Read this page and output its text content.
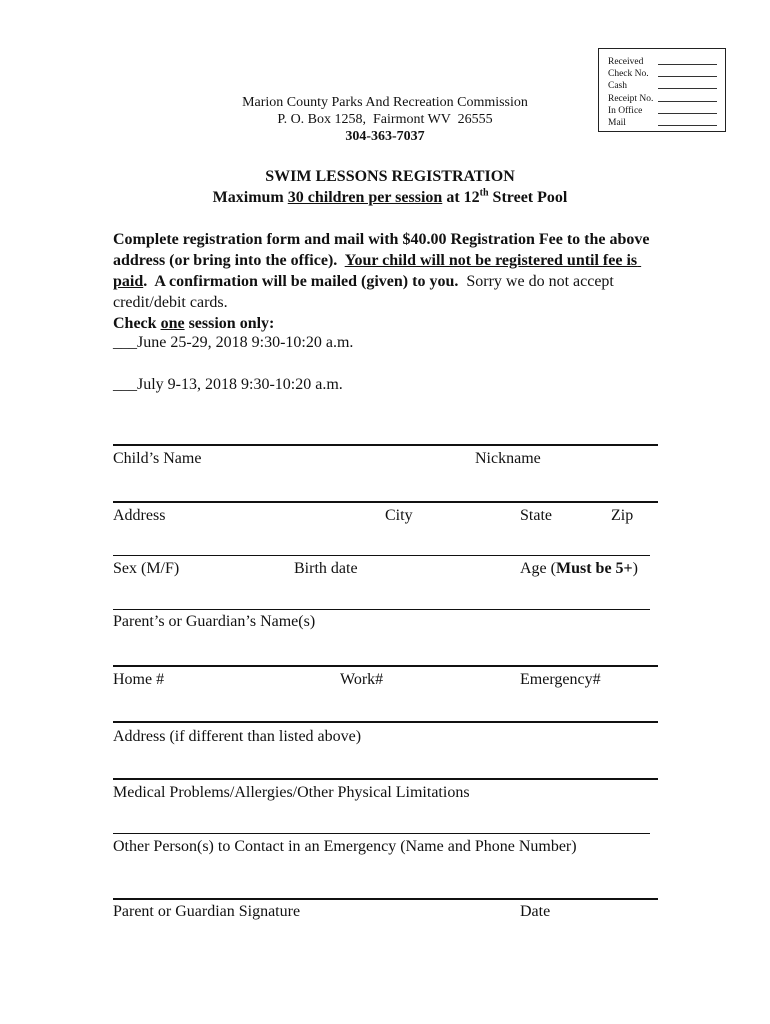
Received
Check No.
Cash
Receipt No.
In Office
Mail
Marion County Parks And Recreation Commission
P. O. Box 1258,  Fairmont WV  26555
304-363-7037
SWIM LESSONS REGISTRATION
Maximum 30 children per session at 12th Street Pool
Complete registration form and mail with $40.00 Registration Fee to the above address (or bring into the office).  Your child will not be registered until fee is paid.  A confirmation will be mailed (given) to you.  Sorry we do not accept credit/debit cards.
Check one session only:
___June 25-29, 2018 9:30-10:20 a.m.
___July 9-13, 2018 9:30-10:20 a.m.
Child’s Name	Nickname
Address	City	State	Zip
Sex (M/F)	Birth date	Age (Must be 5+)
Parent’s or Guardian’s Name(s)
Home #	Work#	Emergency#
Address (if different than listed above)
Medical Problems/Allergies/Other Physical Limitations
Other Person(s) to Contact in an Emergency (Name and Phone Number)
Parent or Guardian Signature	Date
